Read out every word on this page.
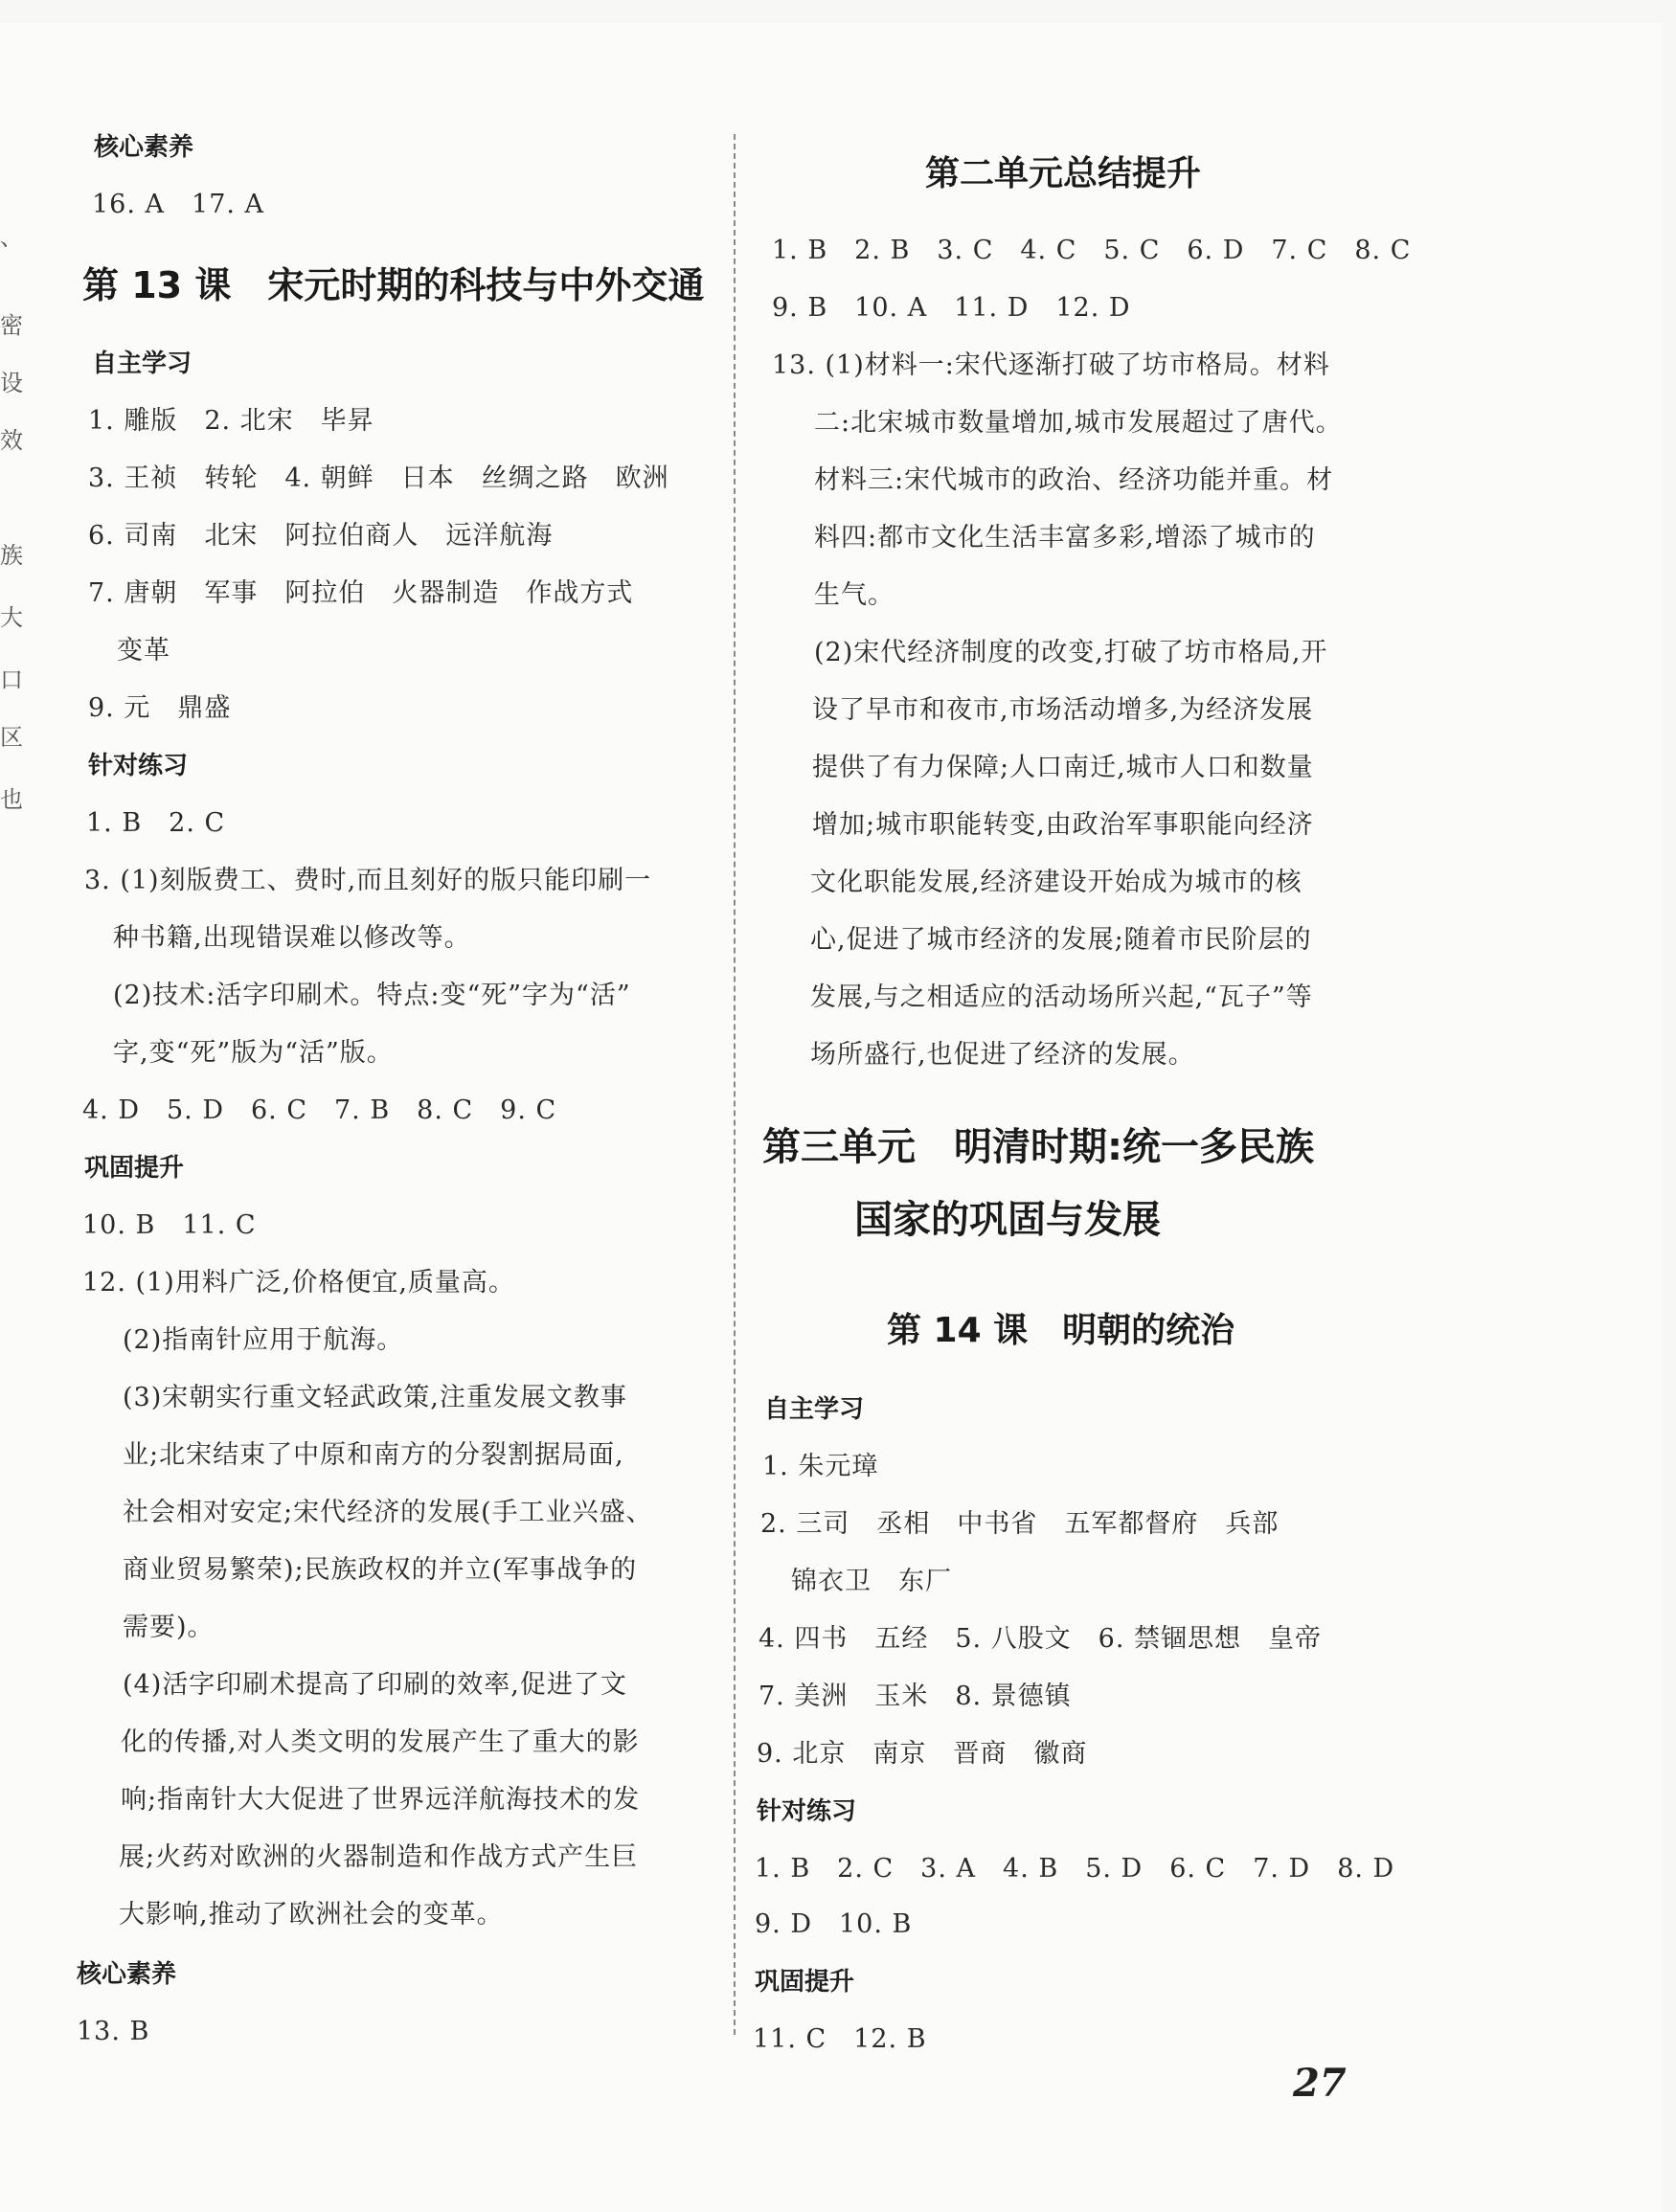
、
密
设
效
族
大
口
区
也
核心素养
16. A　17. A
第 13 课　宋元时期的科技与中外交通
自主学习
1. 雕版　2. 北宋　毕昇
3. 王祯　转轮　4. 朝鲜　日本　丝绸之路　欧洲
6. 司南　北宋　阿拉伯商人　远洋航海
7. 唐朝　军事　阿拉伯　火器制造　作战方式
变革
9. 元　鼎盛
针对练习
1. B　2. C
3. (1)刻版费工、费时,而且刻好的版只能印刷一
种书籍,出现错误难以修改等。
(2)技术:活字印刷术。特点:变“死”字为“活”
字,变“死”版为“活”版。
4. D　5. D　6. C　7. B　8. C　9. C
巩固提升
10. B　11. C
12. (1)用料广泛,价格便宜,质量高。
(2)指南针应用于航海。
(3)宋朝实行重文轻武政策,注重发展文教事
业;北宋结束了中原和南方的分裂割据局面,
社会相对安定;宋代经济的发展(手工业兴盛、
商业贸易繁荣);民族政权的并立(军事战争的
需要)。
(4)活字印刷术提高了印刷的效率,促进了文
化的传播,对人类文明的发展产生了重大的影
响;指南针大大促进了世界远洋航海技术的发
展;火药对欧洲的火器制造和作战方式产生巨
大影响,推动了欧洲社会的变革。
核心素养
13. B
第二单元总结提升
1. B　2. B　3. C　4. C　5. C　6. D　7. C　8. C
9. B　10. A　11. D　12. D
13. (1)材料一:宋代逐渐打破了坊市格局。材料
二:北宋城市数量增加,城市发展超过了唐代。
材料三:宋代城市的政治、经济功能并重。材
料四:都市文化生活丰富多彩,增添了城市的
生气。
(2)宋代经济制度的改变,打破了坊市格局,开
设了早市和夜市,市场活动增多,为经济发展
提供了有力保障;人口南迁,城市人口和数量
增加;城市职能转变,由政治军事职能向经济
文化职能发展,经济建设开始成为城市的核
心,促进了城市经济的发展;随着市民阶层的
发展,与之相适应的活动场所兴起,“瓦子”等
场所盛行,也促进了经济的发展。
第三单元　明清时期:统一多民族
国家的巩固与发展
第 14 课　明朝的统治
自主学习
1. 朱元璋
2. 三司　丞相　中书省　五军都督府　兵部
锦衣卫　东厂
4. 四书　五经　5. 八股文　6. 禁锢思想　皇帝
7. 美洲　玉米　8. 景德镇
9. 北京　南京　晋商　徽商
针对练习
1. B　2. C　3. A　4. B　5. D　6. C　7. D　8. D
9. D　10. B
巩固提升
11. C　12. B
27
